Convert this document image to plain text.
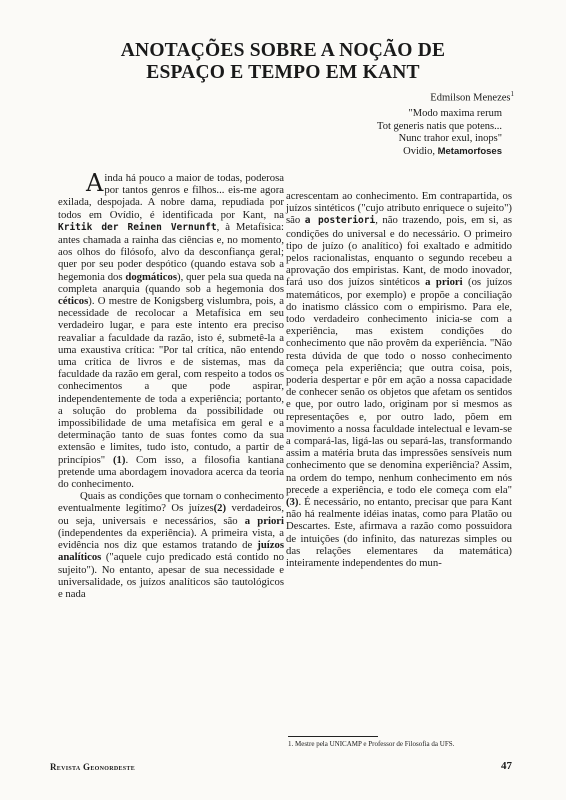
ANOTAÇÕES SOBRE A NOÇÃO DE
ESPAÇO E TEMPO EM KANT
Edmilson Menezes$^1$
"Modo maxima rerum
Tot generis natis que potens...
Nunc trahor exul, inops"
Ovidio, Metamorfoses

Ainda há pouco a maior de todas, poderosa por tantos genros e filhos... eis-me agora exilada, despojada. A nobre dama, repudiada por todos em Ovídio, é identificada por Kant, na Kritik der Reinen Vernunft, à Metafísica: antes chamada a rainha das ciências e, no momento, aos olhos do filósofo, alvo da desconfiança geral; quer por seu poder despótico (quando estava sob a hegemonia dos dogmáticos), quer pela sua queda na completa anarquia (quando sob a hegemonia dos céticos). O mestre de Konigsberg vislumbra, pois, a necessidade de recolocar a Metafísica em seu verdadeiro lugar, e para este intento era preciso reavaliar a faculdade da razão, isto é, submetê-la a uma exaustiva crítica: "Por tal crítica, não entendo uma crítica de livros e de sistemas, mas da faculdade da razão em geral, com respeito a todos os conhecimentos a que pode aspirar, independentemente de toda a experiência; portanto, a solução do problema da possibilidade ou impossibilidade de uma metafísica em geral e a determinação tanto de suas fontes como da sua extensão e limites, tudo isto, contudo, a partir de princípios" (1). Com isso, a filosofia kantiana pretende uma abordagem inovadora acerca da teoria do conhecimento.

Quais as condições que tornam o conhecimento eventualmente legítimo? Os juízes(2) verdadeiros, ou seja, universais e necessários, são a priori (independentes da experiência). A primeira vista, a evidência nos diz que estamos tratando de juízos analíticos ("aquele cujo predicado está contido no sujeito"). No entanto, apesar de sua necessidade e universalidade, os juízos analíticos são tautológicos e nada

acrescentam ao conhecimento. Em contrapartida, os juízos sintéticos ("cujo atributo enriquece o sujeito") são a posteriori, não trazendo, pois, em si, as condições do universal e do necessário. O primeiro tipo de juízo (o analítico) foi exaltado e admitido pelos racionalistas, enquanto o segundo recebeu a aprovação dos empiristas. Kant, de modo inovador, fará uso dos juízos sintéticos a priori (os juízos matemáticos, por exemplo) e propõe a conciliação do inatismo clássico com o empirismo. Para ele, todo verdadeiro conhecimento inicia-se com a experiência, mas existem condições do conhecimento que não provêm da experiência. "Não resta dúvida de que todo o nosso conhecimento começa pela experiência; que outra coisa, pois, poderia despertar e pôr em ação a nossa capacidade de conhecer senão os objetos que afetam os sentidos e que, por outro lado, originam por si mesmos as representações e, por outro lado, põem em movimento a nossa faculdade intelectual e levam-se a compará-las, ligá-las ou separá-las, transformando assim a matéria bruta das impressões sensíveis num conhecimento que se denomina experiência? Assim, na ordem do tempo, nenhum conhecimento em nós precede a experiência, e todo ele começa com ela"(3). É necessário, no entanto, precisar que para Kant não há realmente idéias inatas, como para Platão ou Descartes. Este, afirmava a razão como possuidora de intuições (do infinito, das naturezas simples ou das relações elementares da matemática) inteiramente independentes do mun-

1. Mestre pela UNICAMP e Professor de Filosofia da UFS.
Revista Geonordeste	47
